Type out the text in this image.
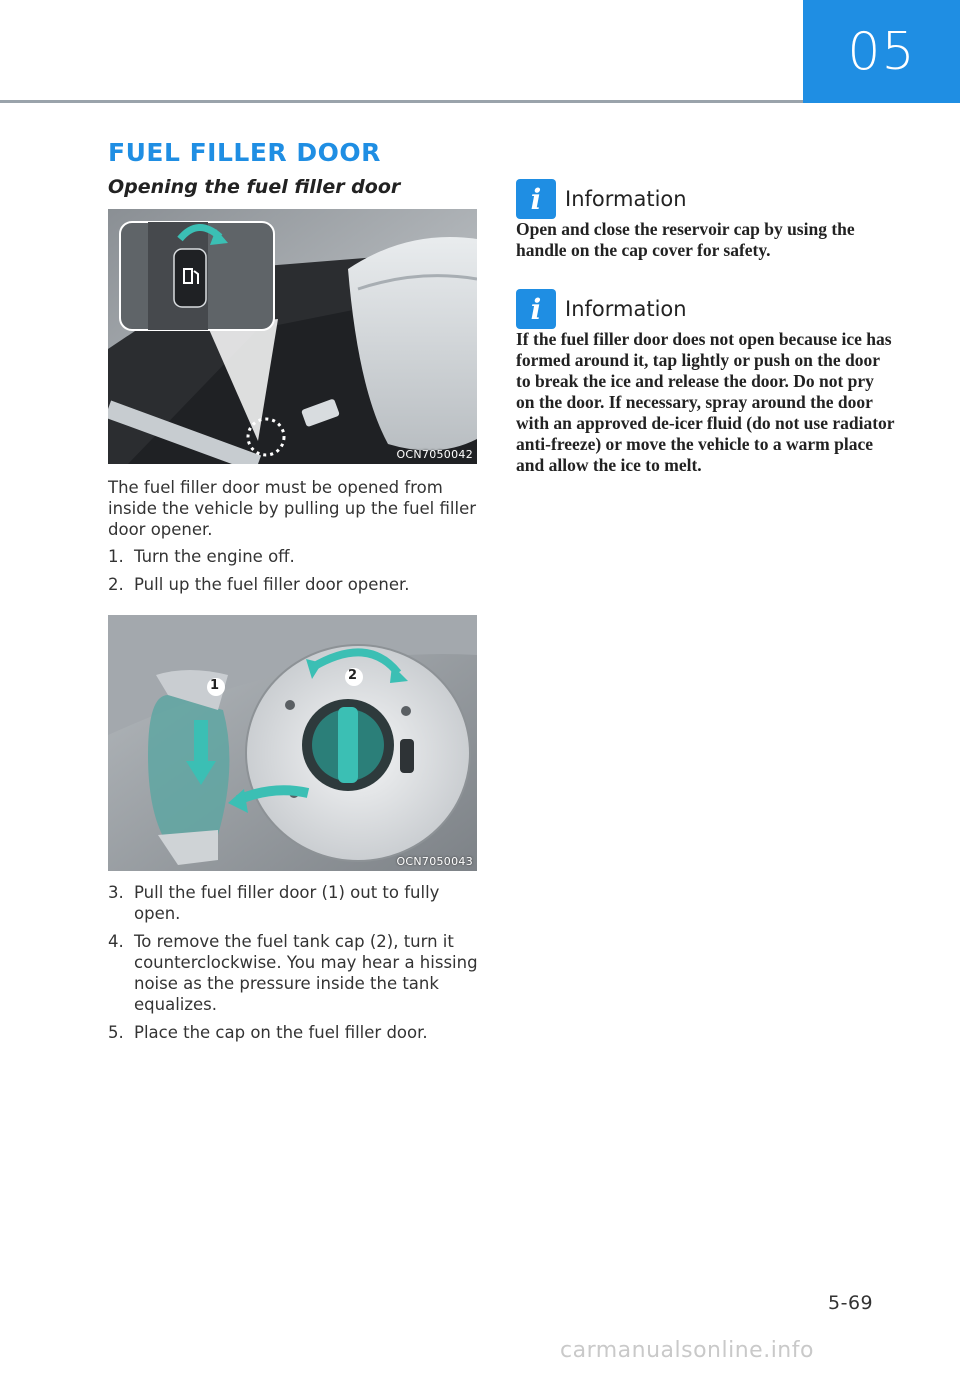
05
FUEL FILLER DOOR
Opening the fuel filler door
OCN7050042

The fuel filler door must be opened from inside the vehicle by pulling up the fuel filler door opener.

1. Turn the engine off.
2. Pull up the fuel filler door opener.
1
2
OCN7050043
3. Pull the fuel filler door (1) out to fully open.
4. To remove the fuel tank cap (2), turn it counterclockwise. You may hear a hissing noise as the pressure inside the tank equalizes.
5. Place the cap on the fuel filler door.
i	Information

Open and close the reservoir cap by using the handle on the cap cover for safety.

i	Information

If the fuel filler door does not open because ice has formed around it, tap lightly or push on the door to break the ice and release the door. Do not pry on the door. If necessary, spray around the door with an approved de-icer fluid (do not use radiator anti-freeze) or move the vehicle to a warm place and allow the ice to melt.

5-69
carmanualsonline.info
